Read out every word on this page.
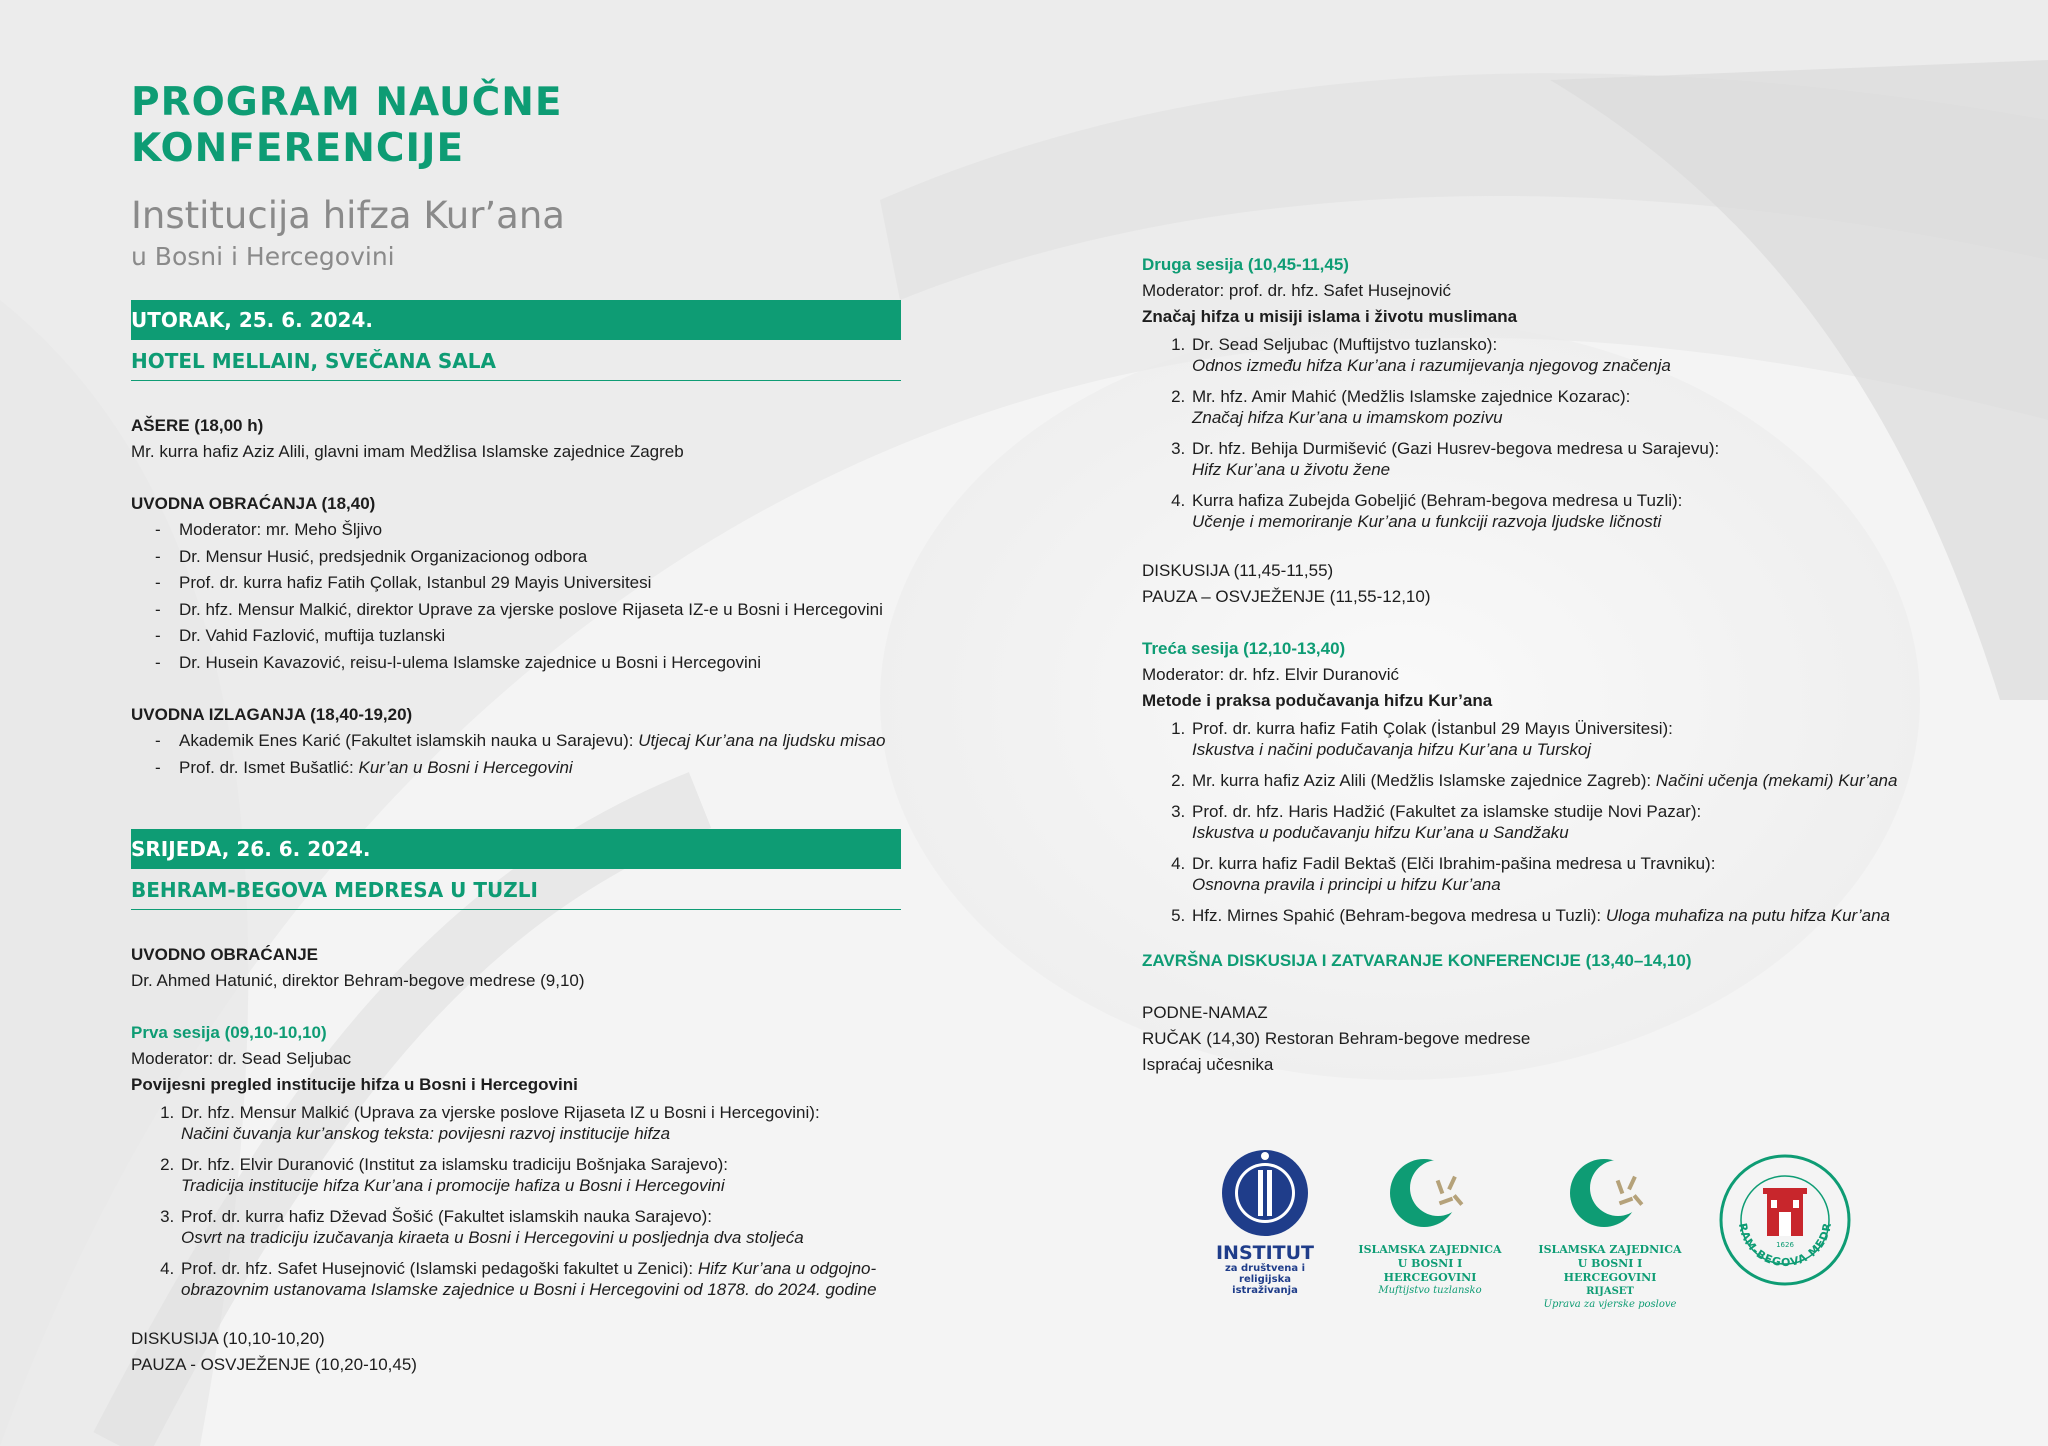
PROGRAM NAUČNE KONFERENCIJE
Institucija hifza Kur’ana
u Bosni i Hercegovini
UTORAK, 25. 6. 2024.
HOTEL MELLAIN, SVEČANA SALA
AŠERE (18,00 h)
Mr. kurra hafiz Aziz Alili, glavni imam Medžlisa Islamske zajednice Zagreb
UVODNA OBRAĆANJA (18,40)
- Moderator: mr. Meho Šljivo
- Dr. Mensur Husić, predsjednik Organizacionog odbora
- Prof. dr. kurra hafiz Fatih Çollak, Istanbul 29 Mayis Universitesi
- Dr. hfz. Mensur Malkić, direktor Uprave za vjerske poslove Rijaseta IZ-e u Bosni i Hercegovini
- Dr. Vahid Fazlović, muftija tuzlanski
- Dr. Husein Kavazović, reisu-l-ulema Islamske zajednice u Bosni i Hercegovini
UVODNA IZLAGANJA (18,40-19,20)
- Akademik Enes Karić (Fakultet islamskih nauka u Sarajevu): Utjecaj Kur’ana na ljudsku misao
- Prof. dr. Ismet Bušatlić: Kur’an u Bosni i Hercegovini
SRIJEDA, 26. 6. 2024.
BEHRAM-BEGOVA MEDRESA U TUZLI
UVODNO OBRAĆANJE
Dr. Ahmed Hatunić, direktor Behram-begove medrese (9,10)
Prva sesija (09,10-10,10)
Moderator: dr. Sead Seljubac
Povijesni pregled institucije hifza u Bosni i Hercegovini
1. Dr. hfz. Mensur Malkić (Uprava za vjerske poslove Rijaseta IZ u Bosni i Hercegovini):
Načini čuvanja kur’anskog teksta: povijesni razvoj institucije hifza
2. Dr. hfz. Elvir Duranović (Institut za islamsku tradiciju Bošnjaka Sarajevo):
Tradicija institucije hifza Kur’ana i promocije hafiza u Bosni i Hercegovini
3. Prof. dr. kurra hafiz Dževad Šošić (Fakultet islamskih nauka Sarajevo):
Osvrt na tradiciju izučavanja kiraeta u Bosni i Hercegovini u posljednja dva stoljeća
4. Prof. dr. hfz. Safet Husejnović (Islamski pedagoški fakultet u Zenici): Hifz Kur’ana u odgojno-obrazovnim ustanovama Islamske zajednice u Bosni i Hercegovini od 1878. do 2024. godine
DISKUSIJA (10,10-10,20)
PAUZA - OSVJEŽENJE (10,20-10,45)
Druga sesija (10,45-11,45)
Moderator: prof. dr. hfz. Safet Husejnović
Značaj hifza u misiji islama i životu muslimana
1. Dr. Sead Seljubac (Muftijstvo tuzlansko):
Odnos između hifza Kur’ana i razumijevanja njegovog značenja
2. Mr. hfz. Amir Mahić (Medžlis Islamske zajednice Kozarac):
Značaj hifza Kur’ana u imamskom pozivu
3. Dr. hfz. Behija Durmišević (Gazi Husrev-begova medresa u Sarajevu):
Hifz Kur’ana u životu žene
4. Kurra hafiza Zubejda Gobeljić (Behram-begova medresa u Tuzli):
Učenje i memoriranje Kur’ana u funkciji razvoja ljudske ličnosti
DISKUSIJA (11,45-11,55)
PAUZA – OSVJEŽENJE (11,55-12,10)
Treća sesija (12,10-13,40)
Moderator: dr. hfz. Elvir Duranović
Metode i praksa podučavanja hifzu Kur’ana
1. Prof. dr. kurra hafiz Fatih Çolak (İstanbul 29 Mayıs Üniversitesi):
Iskustva i načini podučavanja hifzu Kur’ana u Turskoj
2. Mr. kurra hafiz Aziz Alili (Medžlis Islamske zajednice Zagreb): Načini učenja (mekami) Kur’ana
3. Prof. dr. hfz. Haris Hadžić (Fakultet za islamske studije Novi Pazar):
Iskustva u podučavanju hifzu Kur’ana u Sandžaku
4. Dr. kurra hafiz Fadil Bektaš (Elči Ibrahim-pašina medresa u Travniku):
Osnovna pravila i principi u hifzu Kur’ana
5. Hfz. Mirnes Spahić (Behram-begova medresa u Tuzli): Uloga muhafiza na putu hifza Kur’ana
ZAVRŠNA DISKUSIJA I ZATVARANJE KONFERENCIJE (13,40–14,10)
PODNE-NAMAZ
RUČAK (14,30) Restoran Behram-begove medrese
Ispraćaj učesnika
INSTITUT
za društvena i religijska
istraživanja
ISLAMSKA ZAJEDNICA
U BOSNI I HERCEGOVINI
Muftijstvo tuzlansko
ISLAMSKA ZAJEDNICA
U BOSNI I HERCEGOVINI
RIJASET
Uprava za vjerske poslove
RAM-BEGOVA MEDR
1626
